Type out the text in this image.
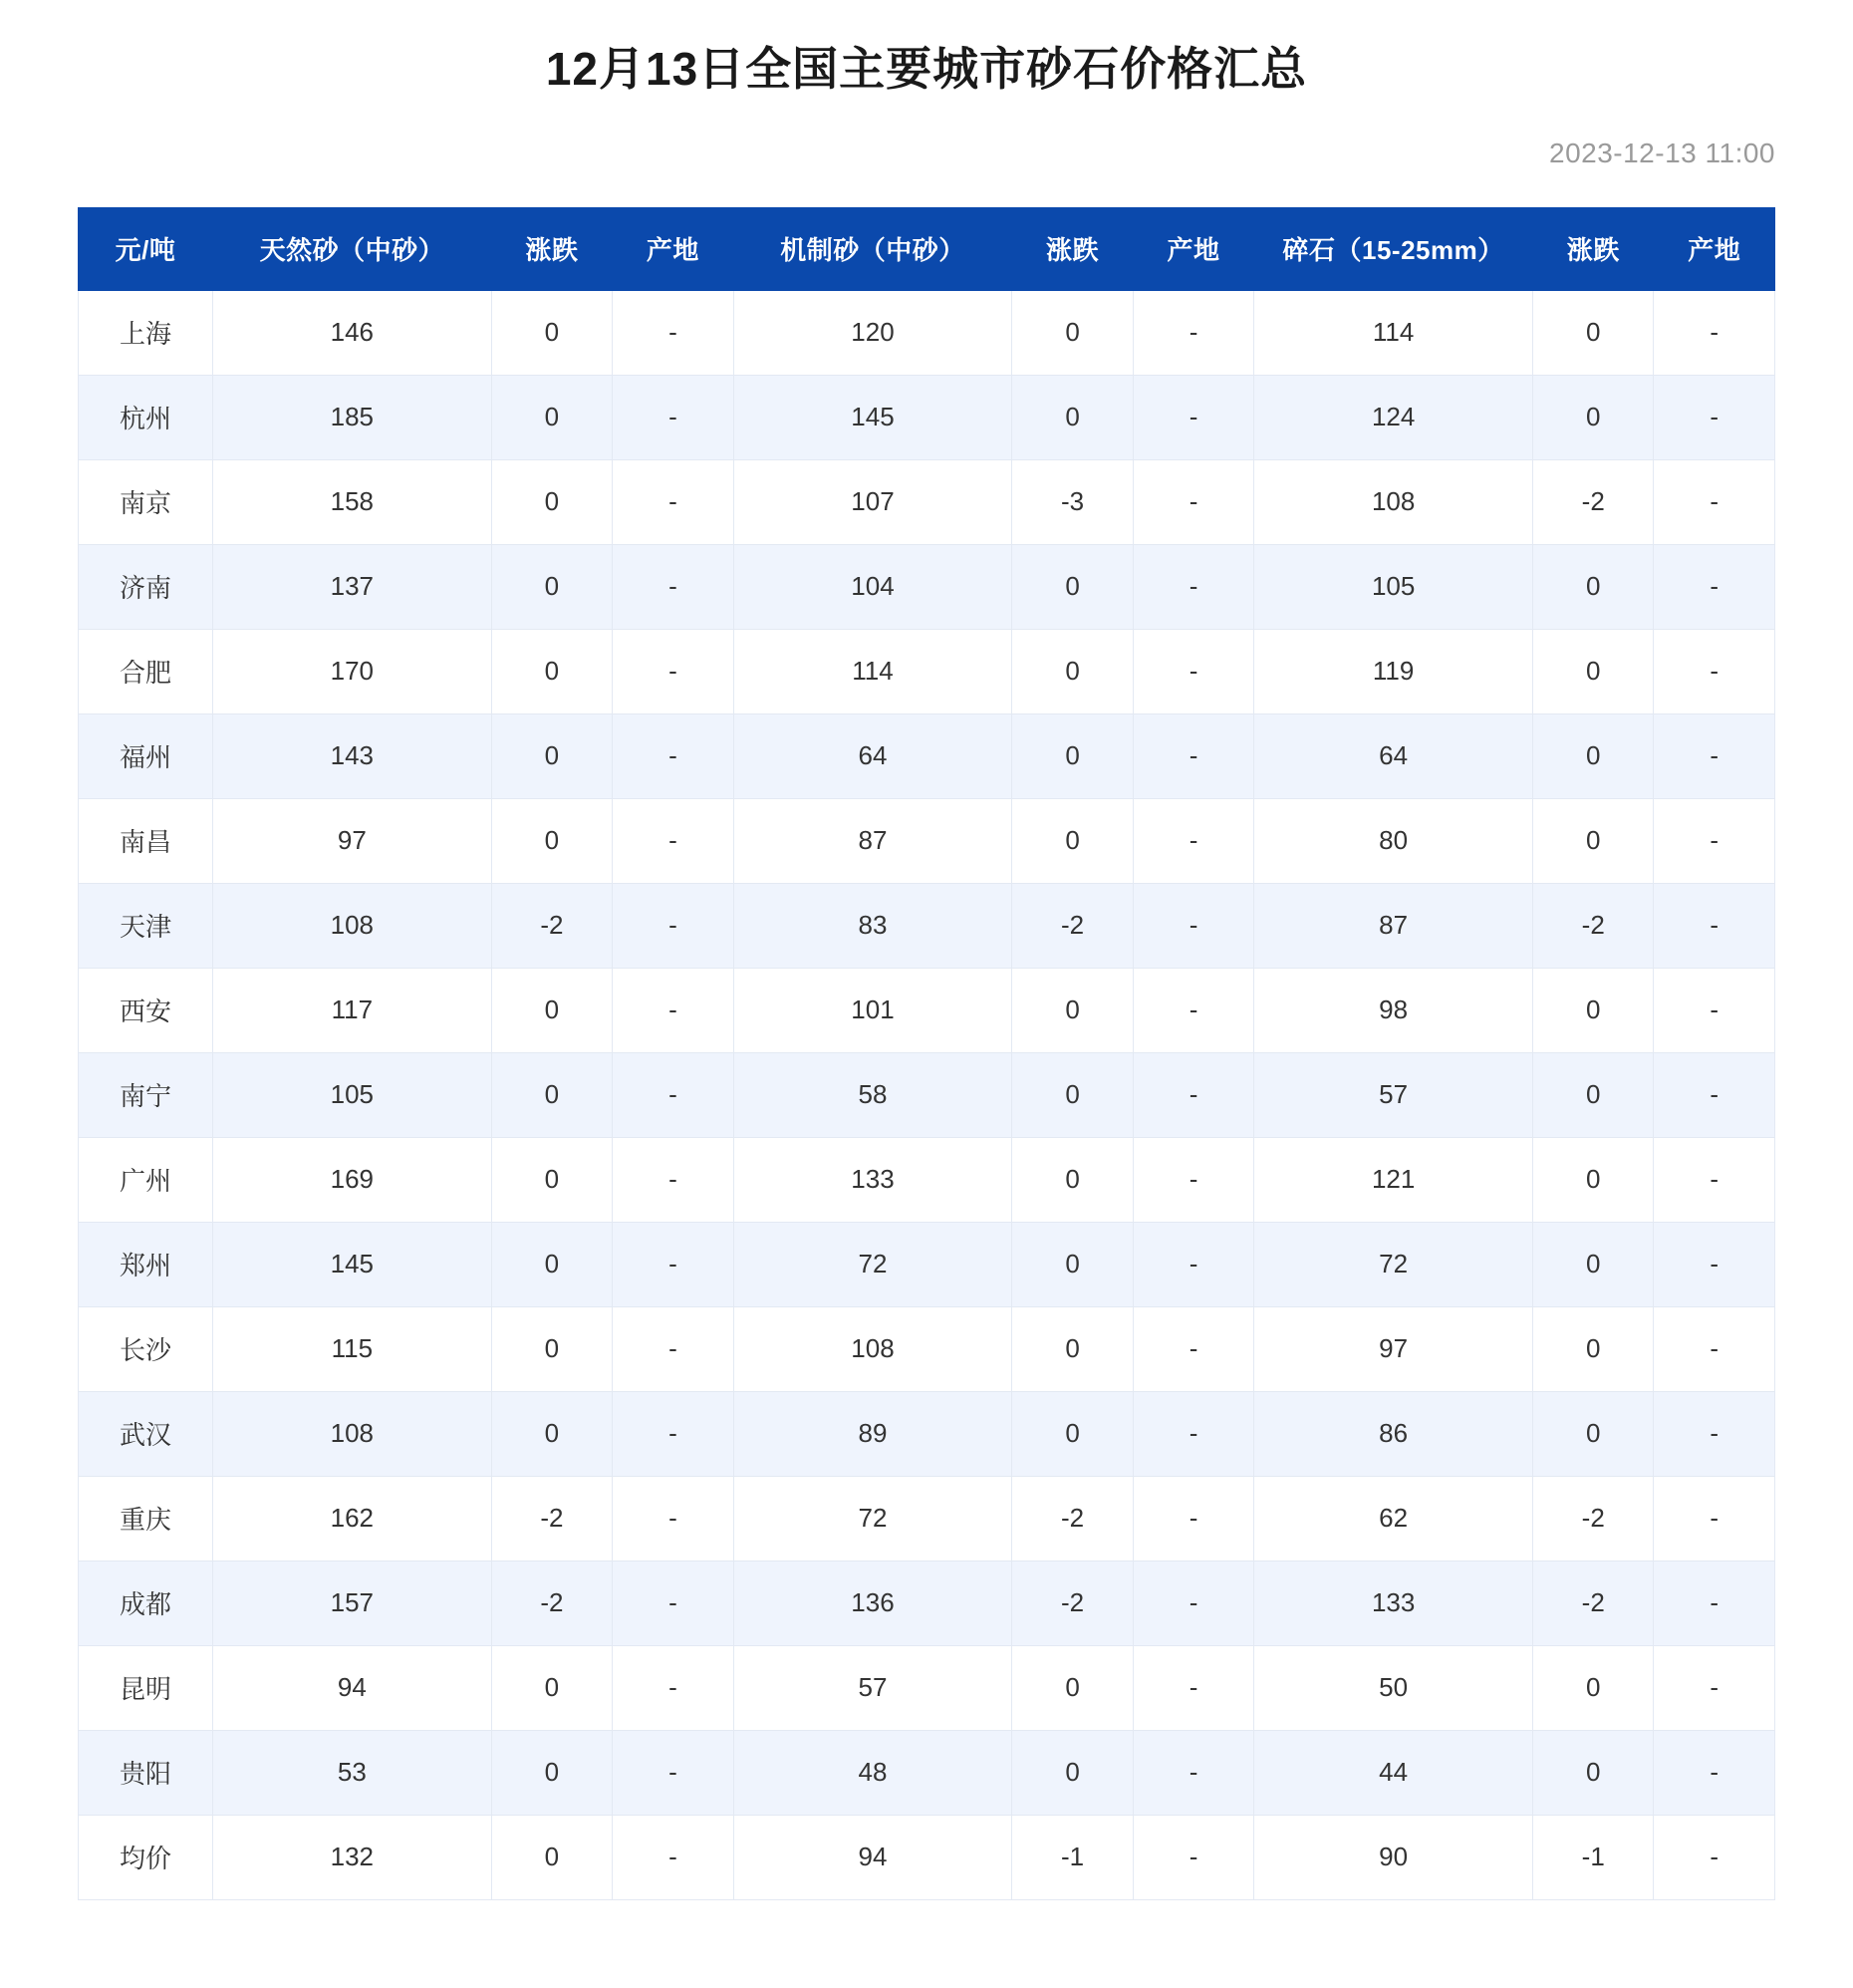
12月13日全国主要城市砂石价格汇总
2023-12-13 11:00
元/吨	天然砂（中砂）	涨跌	产地	机制砂（中砂）	涨跌	产地	碎石（15-25mm）	涨跌	产地
上海	146	0	-	120	0	-	114	0	-
杭州	185	0	-	145	0	-	124	0	-
南京	158	0	-	107	-3	-	108	-2	-
济南	137	0	-	104	0	-	105	0	-
合肥	170	0	-	114	0	-	119	0	-
福州	143	0	-	64	0	-	64	0	-
南昌	97	0	-	87	0	-	80	0	-
天津	108	-2	-	83	-2	-	87	-2	-
西安	117	0	-	101	0	-	98	0	-
南宁	105	0	-	58	0	-	57	0	-
广州	169	0	-	133	0	-	121	0	-
郑州	145	0	-	72	0	-	72	0	-
长沙	115	0	-	108	0	-	97	0	-
武汉	108	0	-	89	0	-	86	0	-
重庆	162	-2	-	72	-2	-	62	-2	-
成都	157	-2	-	136	-2	-	133	-2	-
昆明	94	0	-	57	0	-	50	0	-
贵阳	53	0	-	48	0	-	44	0	-
均价	132	0	-	94	-1	-	90	-1	-
